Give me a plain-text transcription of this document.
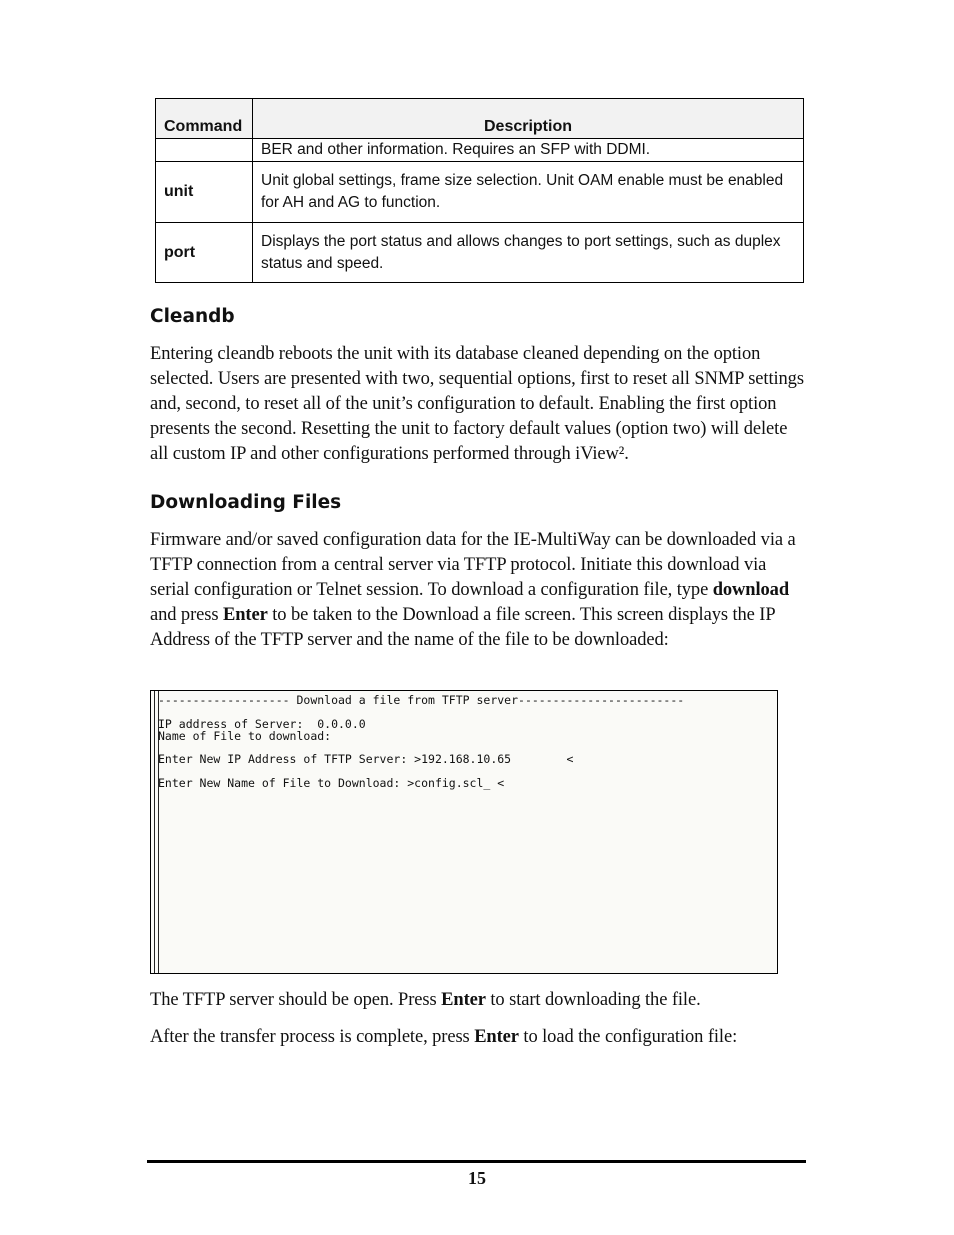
Command	Description
	BER and other information. Requires an SFP with DDMI.
unit	Unit global settings, frame size selection. Unit OAM enable must be enabled for AH and AG to function.
port	Displays the port status and allows changes to port settings, such as duplex status and speed.
Cleandb

Entering cleandb reboots the unit with its database cleaned depending on the option selected. Users are presented with two, sequential options, first to reset all SNMP settings and, second, to reset all of the unit’s configuration to default. Enabling the first option presents the second. Resetting the unit to factory default values (option two) will delete all custom IP and other configurations performed through iView².

Downloading Files

Firmware and/or saved configuration data for the IE-MultiWay can be downloaded via a TFTP connection from a central server via TFTP protocol. Initiate this download via serial configuration or Telnet session. To download a configuration file, type download and press Enter to be taken to the Download a file screen. This screen displays the IP Address of the TFTP server and the name of the file to be downloaded:

------------------- Download a file from TFTP server------------------------
IP address of Server:  0.0.0.0
Name of File to download:
Enter New IP Address of TFTP Server: >192.168.10.65        <
Enter New Name of File to Download: >config.scl_ <

The TFTP server should be open. Press Enter to start downloading the file.

After the transfer process is complete, press Enter to load the configuration file:

15
